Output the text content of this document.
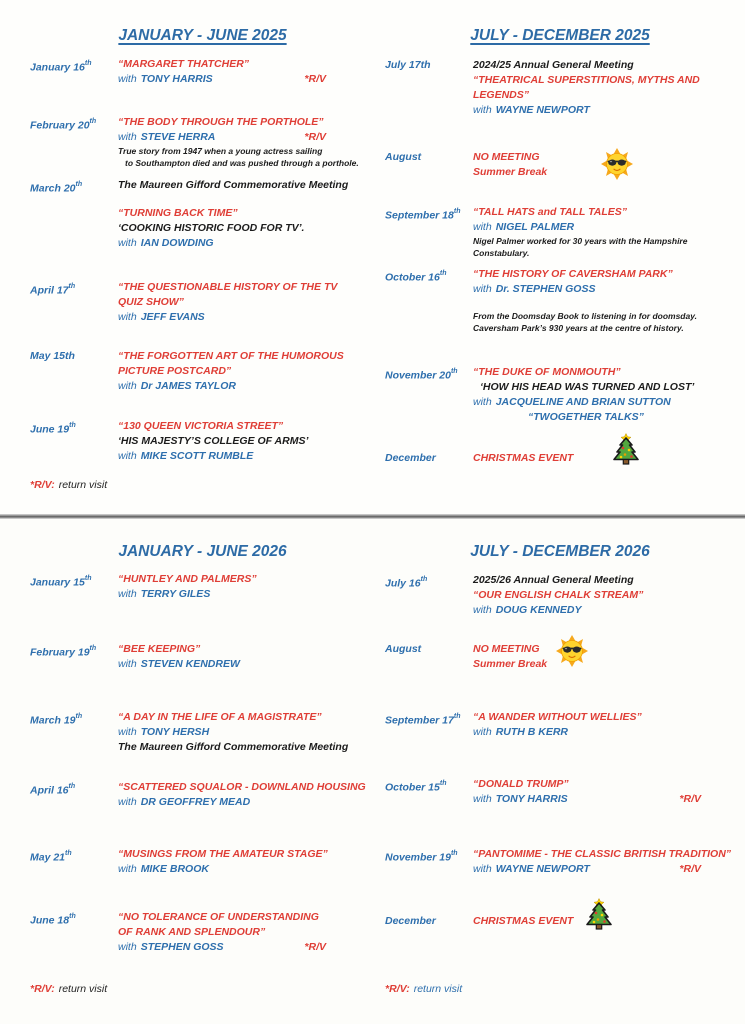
JANUARY - JUNE 2025
January 16th	“MARGARET THATCHER”
with TONY HARRIS	*R/V
February 20th	“THE BODY THROUGH THE PORTHOLE”
with STEVE HERRA	*R/V
True story from 1947 when a young actress sailing
to Southampton died and was pushed through a porthole.
March 20th	The Maureen Gifford Commemorative Meeting
“TURNING BACK TIME”
‘COOKING HISTORIC FOOD FOR TV’.
with IAN DOWDING
April 17th	“THE QUESTIONABLE HISTORY OF THE TV
QUIZ SHOW”
with JEFF EVANS
May 15th	“THE FORGOTTEN ART OF THE HUMOROUS
PICTURE POSTCARD”
with Dr JAMES TAYLOR
June 19th	“130 QUEEN VICTORIA STREET”
‘HIS MAJESTY’S COLLEGE OF ARMS’
with MIKE SCOTT RUMBLE
*R/V: return visit
JULY - DECEMBER 2025
July 17th	2024/25 Annual General Meeting
“THEATRICAL SUPERSTITIONS, MYTHS AND
LEGENDS”
with WAYNE NEWPORT
August	NO MEETING
Summer Break
September 18th	“TALL HATS and TALL TALES”
with NIGEL PALMER
Nigel Palmer worked for 30 years with the Hampshire
Constabulary.
October 16th	“THE HISTORY OF CAVERSHAM PARK”
with Dr. STEPHEN GOSS
From the Doomsday Book to listening in for doomsday.
Caversham Park’s 930 years at the centre of history.
November 20th	“THE DUKE OF MONMOUTH”
‘HOW HIS HEAD WAS TURNED AND LOST’
with JACQUELINE AND BRIAN SUTTON
“TWOGETHER TALKS”
December	CHRISTMAS EVENT
JANUARY - JUNE 2026
January 15th	“HUNTLEY AND PALMERS”
with TERRY GILES
February 19th	“BEE KEEPING”
with STEVEN KENDREW
March 19th	“A DAY IN THE LIFE OF A MAGISTRATE”
with TONY HERSH
The Maureen Gifford Commemorative Meeting
April 16th	“SCATTERED SQUALOR - DOWNLAND HOUSING
with DR GEOFFREY MEAD
May 21th	“MUSINGS FROM THE AMATEUR STAGE”
with MIKE BROOK
June 18th	“NO TOLERANCE OF UNDERSTANDING
OF RANK AND SPLENDOUR”
with STEPHEN GOSS	*R/V
*R/V: return visit
JULY - DECEMBER 2026
July 16th	2025/26 Annual General Meeting
“OUR ENGLISH CHALK STREAM”
with DOUG KENNEDY
August	NO MEETING
Summer Break
September 17th	“A WANDER WITHOUT WELLIES”
with RUTH B KERR
October 15th	“DONALD TRUMP”
with TONY HARRIS	*R/V
November 19th	“PANTOMIME - THE CLASSIC BRITISH TRADITION”
with WAYNE NEWPORT	*R/V
December	CHRISTMAS EVENT
*R/V: return visit
